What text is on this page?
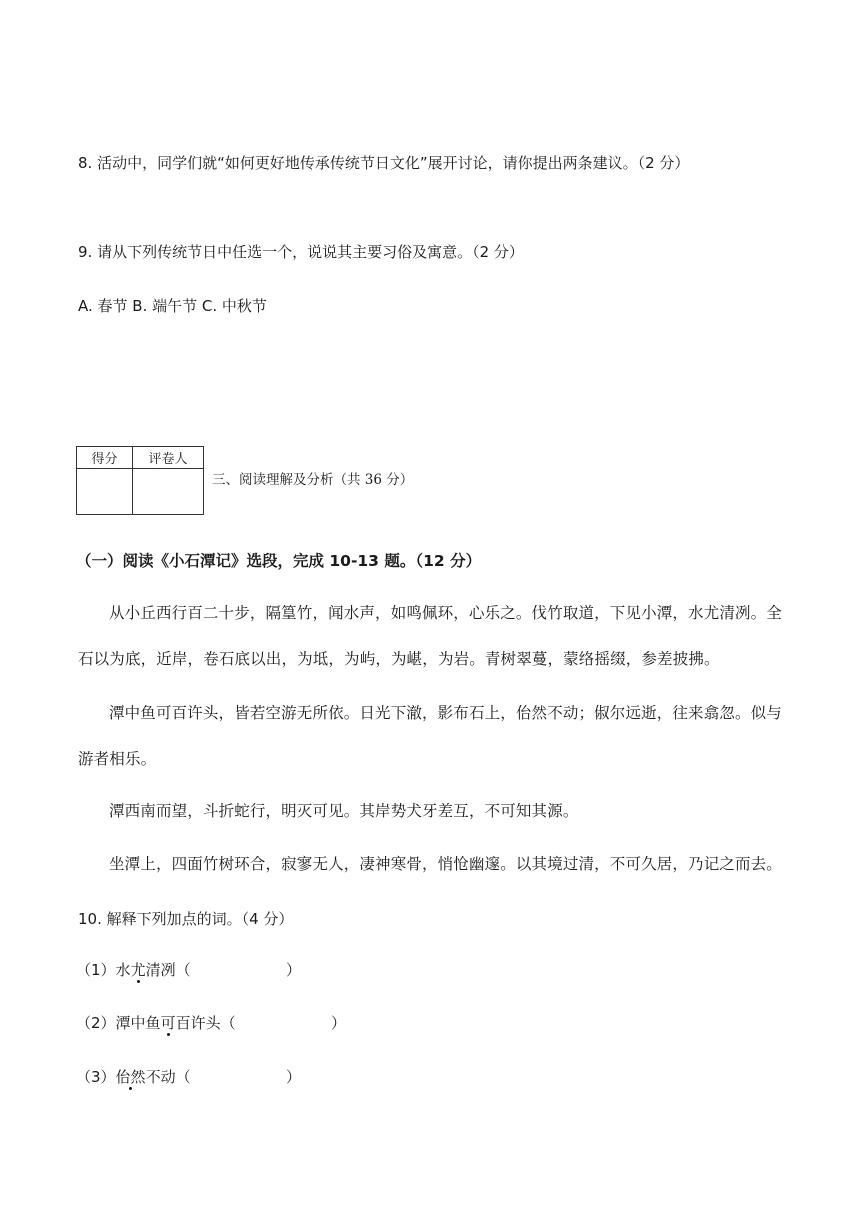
8. 活动中，同学们就“如何更好地传承传统节日文化”展开讨论，请你提出两条建议。（2 分）
9. 请从下列传统节日中任选一个，说说其主要习俗及寓意。（2 分）
A. 春节 B. 端午节 C. 中秋节
得分	评卷人

三、阅读理解及分析（共 36 分）
（一）阅读《小石潭记》选段，完成 10-13 题。（12 分）
从小丘西行百二十步，隔篁竹，闻水声，如鸣佩环，心乐之。伐竹取道，下见小潭，水尤清冽。全石以为底，近岸，卷石底以出，为坻，为屿，为嵁，为岩。青树翠蔓，蒙络摇缀，参差披拂。
潭中鱼可百许头，皆若空游无所依。日光下澈，影布石上，佁然不动；俶尔远逝，往来翕忽。似与游者相乐。
潭西南而望，斗折蛇行，明灭可见。其岸势犬牙差互，不可知其源。
坐潭上，四面竹树环合，寂寥无人，凄神寒骨，悄怆幽邃。以其境过清，不可久居，乃记之而去。
10. 解释下列加点的词。（4 分）
（1）水尤清冽（                    ）
（2）潭中鱼可百许头（                    ）
（3）佁然不动（                    ）
